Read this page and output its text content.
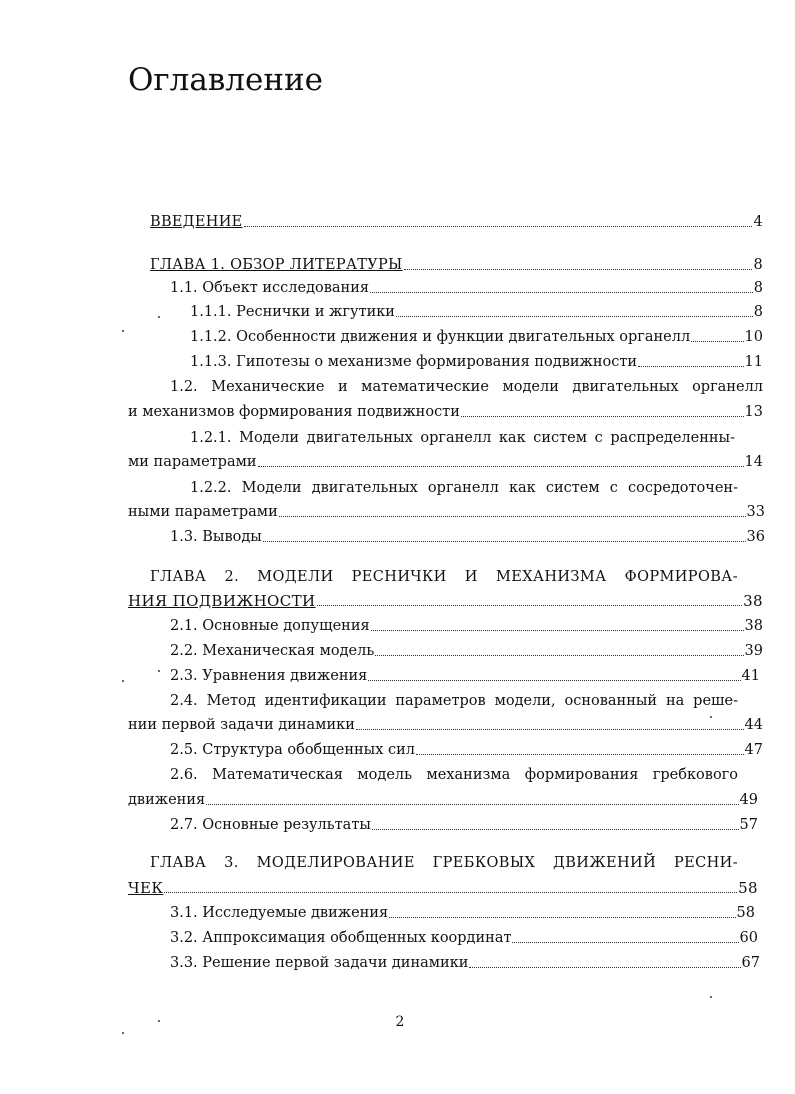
Оглавление
ВВЕДЕНИЕ	4
ГЛАВА 1. ОБЗОР ЛИТЕРАТУРЫ	8
1.1. Объект исследования	8
1.1.1. Реснички и жгутики	8
1.1.2. Особенности движения и функции двигательных органелл	10
1.1.3. Гипотезы о механизме формирования подвижности	11
1.2. Механические и математические модели двигательных органелл
и механизмов формирования подвижности	13
1.2.1. Модели двигательных органелл как систем с распределенны-
ми параметрами	14
1.2.2. Модели двигательных органелл как систем с сосредоточен-
ными параметрами	33
1.3. Выводы	36
ГЛАВА 2. МОДЕЛИ РЕСНИЧКИ И МЕХАНИЗМА ФОРМИРОВА-
НИЯ ПОДВИЖНОСТИ	38
2.1. Основные допущения	38
2.2. Механическая модель	39
2.3. Уравнения движения	41
2.4. Метод идентификации параметров модели, основанный на реше-
нии первой задачи динамики	44
2.5. Структура обобщенных сил	47
2.6. Математическая модель механизма формирования гребкового
движения	49
2.7. Основные результаты	57
ГЛАВА 3. МОДЕЛИРОВАНИЕ ГРЕБКОВЫХ ДВИЖЕНИЙ РЕСНИ-
ЧЕК	58
3.1. Исследуемые движения	58
3.2. Аппроксимация обобщенных координат	60
3.3. Решение первой задачи динамики	67
2
